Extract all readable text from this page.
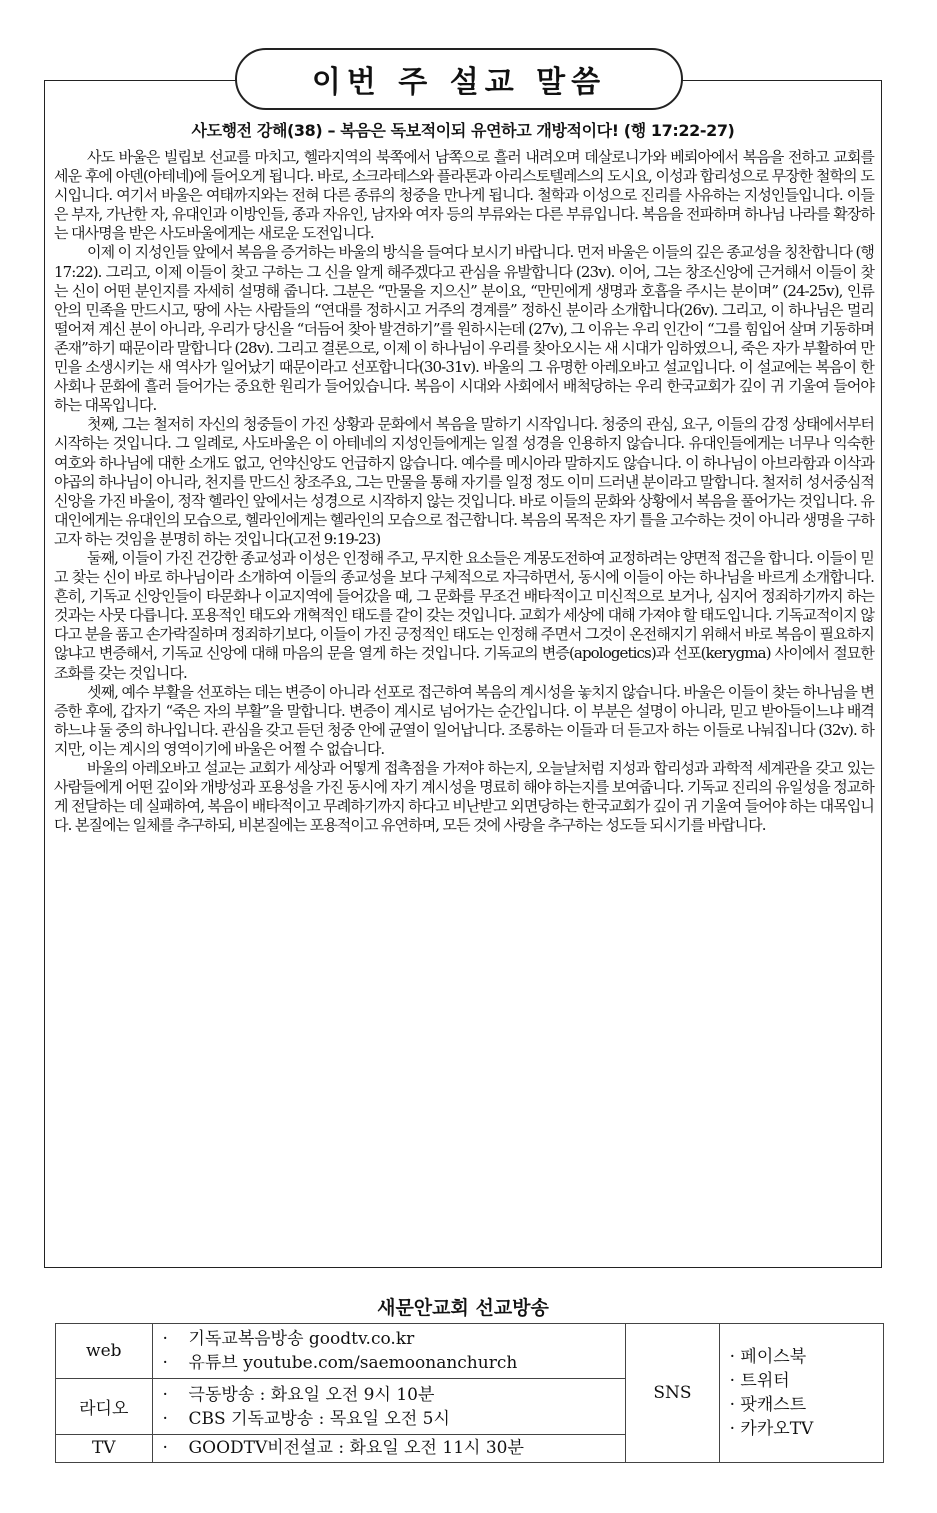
이번 주 설교 말씀
사도행전 강해(38) – 복음은 독보적이되 유연하고 개방적이다! (행 17:22-27)

사도 바울은 빌립보 선교를 마치고, 헬라지역의 북쪽에서 남쪽으로 흘러 내려오며 데살로니가와 베뢰아에서 복음을 전하고 교회를 세운 후에 아덴(아테네)에 들어오게 됩니다. 바로, 소크라테스와 플라톤과 아리스토텔레스의 도시요, 이성과 합리성으로 무장한 철학의 도시입니다. 여기서 바울은 여태까지와는 전혀 다른 종류의 청중을 만나게 됩니다. 철학과 이성으로 진리를 사유하는 지성인들입니다. 이들은 부자, 가난한 자, 유대인과 이방인들, 종과 자유인, 남자와 여자 등의 부류와는 다른 부류입니다. 복음을 전파하며 하나님 나라를 확장하는 대사명을 받은 사도바울에게는 새로운 도전입니다.

이제 이 지성인들 앞에서 복음을 증거하는 바울의 방식을 들여다 보시기 바랍니다. 먼저 바울은 이들의 깊은 종교성을 칭찬합니다 (행 17:22). 그리고, 이제 이들이 찾고 구하는 그 신을 알게 해주겠다고 관심을 유발합니다 (23v). 이어, 그는 창조신앙에 근거해서 이들이 찾는 신이 어떤 분인지를 자세히 설명해 줍니다. 그분은 “만물을 지으신” 분이요, “만민에게 생명과 호흡을 주시는 분이며” (24-25v), 인류 안의 민족을 만드시고, 땅에 사는 사람들의 “연대를 정하시고 거주의 경계를” 정하신 분이라 소개합니다(26v). 그리고, 이 하나님은 멀리 떨어져 계신 분이 아니라, 우리가 당신을 “더듬어 찾아 발견하기”를 원하시는데 (27v), 그 이유는 우리 인간이 “그를 힘입어 살며 기동하며 존재”하기 때문이라 말합니다 (28v). 그리고 결론으로, 이제 이 하나님이 우리를 찾아오시는 새 시대가 임하였으니, 죽은 자가 부활하여 만민을 소생시키는 새 역사가 일어났기 때문이라고 선포합니다(30-31v). 바울의 그 유명한 아레오바고 설교입니다. 이 설교에는 복음이 한 사회나 문화에 흘러 들어가는 중요한 원리가 들어있습니다. 복음이 시대와 사회에서 배척당하는 우리 한국교회가 깊이 귀 기울여 들어야 하는 대목입니다.

첫째, 그는 철저히 자신의 청중들이 가진 상황과 문화에서 복음을 말하기 시작입니다. 청중의 관심, 요구, 이들의 감정 상태에서부터 시작하는 것입니다. 그 일례로, 사도바울은 이 아테네의 지성인들에게는 일절 성경을 인용하지 않습니다. 유대인들에게는 너무나 익숙한 여호와 하나님에 대한 소개도 없고, 언약신앙도 언급하지 않습니다. 예수를 메시아라 말하지도 않습니다. 이 하나님이 아브라함과 이삭과 야곱의 하나님이 아니라, 천지를 만드신 창조주요, 그는 만물을 통해 자기를 일정 정도 이미 드러낸 분이라고 말합니다. 철저히 성서중심적 신앙을 가진 바울이, 정작 헬라인 앞에서는 성경으로 시작하지 않는 것입니다. 바로 이들의 문화와 상황에서 복음을 풀어가는 것입니다. 유대인에게는 유대인의 모습으로, 헬라인에게는 헬라인의 모습으로 접근합니다. 복음의 목적은 자기 틀을 고수하는 것이 아니라 생명을 구하고자 하는 것임을 분명히 하는 것입니다(고전 9:19-23)

둘째, 이들이 가진 건강한 종교성과 이성은 인정해 주고, 무지한 요소들은 계몽도전하여 교정하려는 양면적 접근을 합니다. 이들이 믿고 찾는 신이 바로 하나님이라 소개하여 이들의 종교성을 보다 구체적으로 자극하면서, 동시에 이들이 아는 하나님을 바르게 소개합니다. 흔히, 기독교 신앙인들이 타문화나 이교지역에 들어갔을 때, 그 문화를 무조건 배타적이고 미신적으로 보거나, 심지어 정죄하기까지 하는 것과는 사뭇 다릅니다. 포용적인 태도와 개혁적인 태도를 같이 갖는 것입니다. 교회가 세상에 대해 가져야 할 태도입니다. 기독교적이지 않다고 분을 품고 손가락질하며 정죄하기보다, 이들이 가진 긍정적인 태도는 인정해 주면서 그것이 온전해지기 위해서 바로 복음이 필요하지 않냐고 변증해서, 기독교 신앙에 대해 마음의 문을 열게 하는 것입니다. 기독교의 변증(apologetics)과 선포(kerygma) 사이에서 절묘한 조화를 갖는 것입니다.

셋째, 예수 부활을 선포하는 데는 변증이 아니라 선포로 접근하여 복음의 계시성을 놓치지 않습니다. 바울은 이들이 찾는 하나님을 변증한 후에, 갑자기 “죽은 자의 부활”을 말합니다. 변증이 계시로 넘어가는 순간입니다. 이 부분은 설명이 아니라, 믿고 받아들이느냐 배격하느냐 둘 중의 하나입니다. 관심을 갖고 듣던 청중 안에 균열이 일어납니다. 조롱하는 이들과 더 듣고자 하는 이들로 나눠집니다 (32v). 하지만, 이는 계시의 영역이기에 바울은 어쩔 수 없습니다.

바울의 아레오바고 설교는 교회가 세상과 어떻게 접촉점을 가져야 하는지, 오늘날처럼 지성과 합리성과 과학적 세계관을 갖고 있는 사람들에게 어떤 깊이와 개방성과 포용성을 가진 동시에 자기 계시성을 명료히 해야 하는지를 보여줍니다. 기독교 진리의 유일성을 정교하게 전달하는 데 실패하여, 복음이 배타적이고 무례하기까지 하다고 비난받고 외면당하는 한국교회가 깊이 귀 기울여 들어야 하는 대목입니다. 본질에는 일체를 추구하되, 비본질에는 포용적이고 유연하며, 모든 것에 사랑을 추구하는 성도들 되시기를 바랍니다.

새문안교회 선교방송
web	· 기독교복음방송 goodtv.co.kr
· 유튜브 youtube.com/saemoonanchurch	SNS	· 페이스북
· 트위터
· 팟캐스트
· 카카오TV

라디오	· 극동방송 : 화요일 오전 9시 10분
· CBS 기독교방송 : 목요일 오전 5시		

TV	· GOODTV비전설교 : 화요일 오전 11시 30분		
